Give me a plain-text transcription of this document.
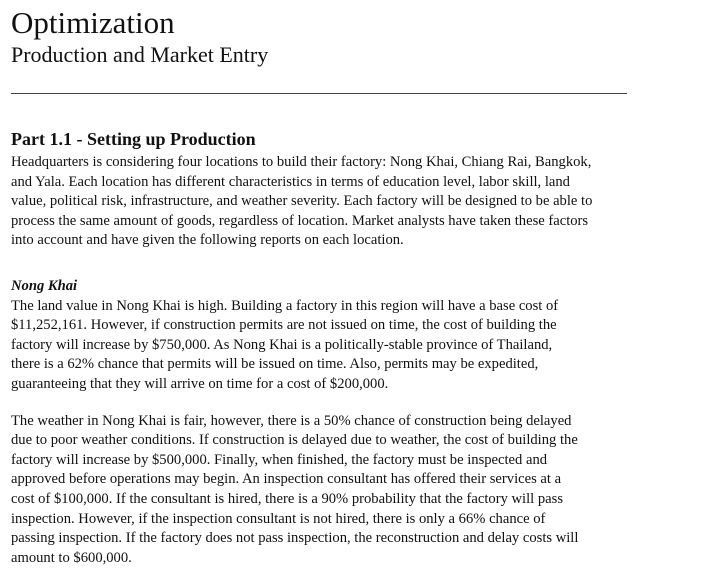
Optimization
Production and Market Entry
Part 1.1 - Setting up Production
Headquarters is considering four locations to build their factory: Nong Khai, Chiang Rai, Bangkok,
and Yala. Each location has different characteristics in terms of education level, labor skill, land
value, political risk, infrastructure, and weather severity. Each factory will be designed to be able to
process the same amount of goods, regardless of location. Market analysts have taken these factors
into account and have given the following reports on each location.
Nong Khai
The land value in Nong Khai is high. Building a factory in this region will have a base cost of
$11,252,161. However, if construction permits are not issued on time, the cost of building the
factory will increase by $750,000. As Nong Khai is a politically-stable province of Thailand,
there is a 62% chance that permits will be issued on time. Also, permits may be expedited,
guaranteeing that they will arrive on time for a cost of $200,000.
The weather in Nong Khai is fair, however, there is a 50% chance of construction being delayed
due to poor weather conditions. If construction is delayed due to weather, the cost of building the
factory will increase by $500,000. Finally, when finished, the factory must be inspected and
approved before operations may begin. An inspection consultant has offered their services at a
cost of $100,000. If the consultant is hired, there is a 90% probability that the factory will pass
inspection. However, if the inspection consultant is not hired, there is only a 66% chance of
passing inspection. If the factory does not pass inspection, the reconstruction and delay costs will
amount to $600,000.
